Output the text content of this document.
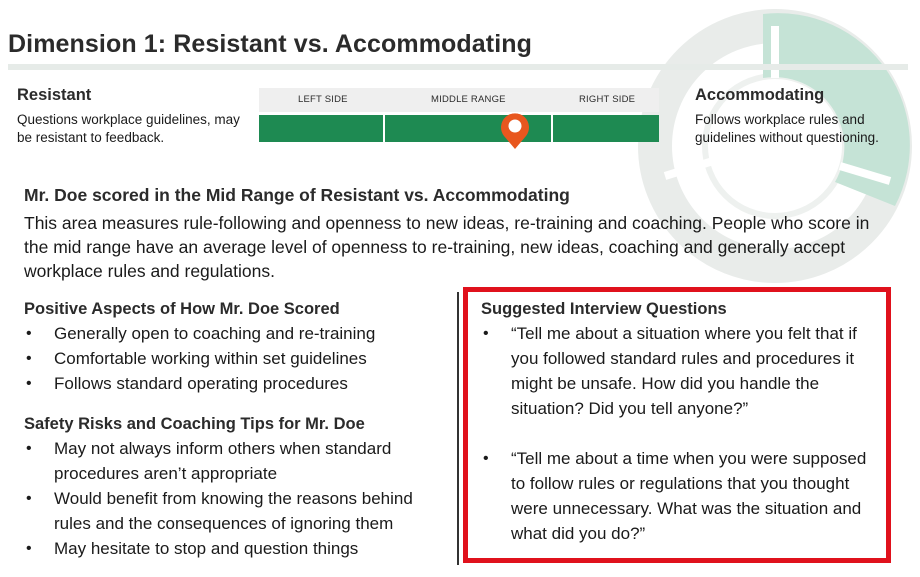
Dimension 1: Resistant vs. Accommodating
Resistant
Questions workplace guidelines, may be resistant to feedback.
LEFT SIDE	MIDDLE RANGE	RIGHT SIDE	Accommodating
Follows workplace rules and guidelines without questioning.
Mr. Doe scored in the Mid Range of Resistant vs. Accommodating
This area measures rule-following and openness to new ideas, re-training and coaching. People who score in the mid range have an average level of openness to re-training, new ideas, coaching and generally accept workplace rules and regulations.
Positive Aspects of How Mr. Doe Scored
• Generally open to coaching and re-training
• Comfortable working within set guidelines
• Follows standard operating procedures
Safety Risks and Coaching Tips for Mr. Doe
• May not always inform others when standard procedures aren’t appropriate
• Would benefit from knowing the reasons behind rules and the consequences of ignoring them
• May hesitate to stop and question things
Suggested Interview Questions
• “Tell me about a situation where you felt that if you followed standard rules and procedures it might be unsafe. How did you handle the situation? Did you tell anyone?”
• “Tell me about a time when you were supposed to follow rules or regulations that you thought were unnecessary. What was the situation and what did you do?”
